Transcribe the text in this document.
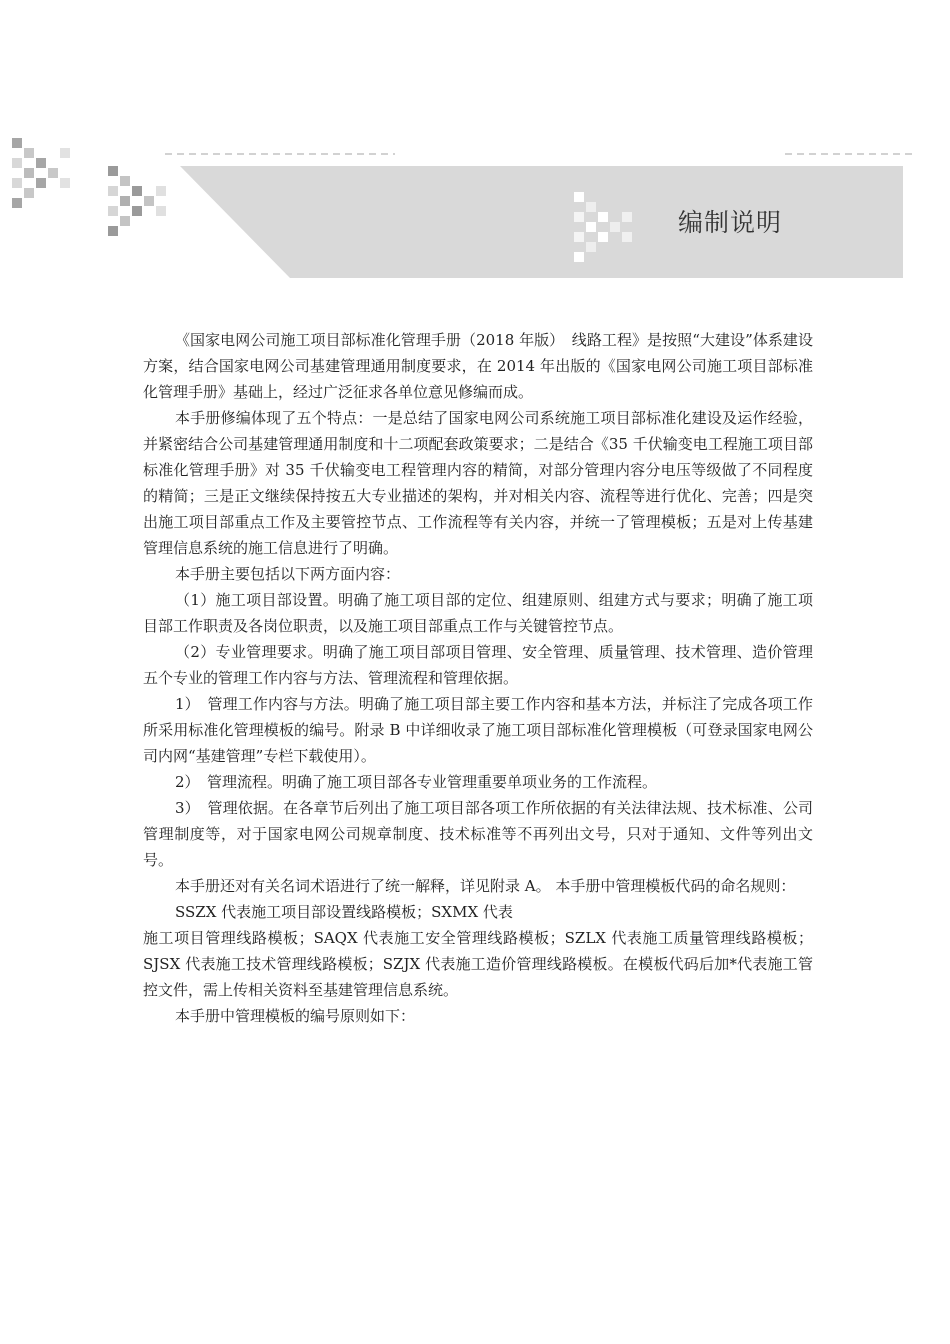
编制说明

《国家电网公司施工项目部标准化管理手册（2018 年版）　线路工程》是按照“大建设”体系建设方案，结合国家电网公司基建管理通用制度要求，在 2014 年出版的《国家电网公司施工项目部标准化管理手册》基础上，经过广泛征求各单位意见修编而成。

本手册修编体现了五个特点：一是总结了国家电网公司系统施工项目部标准化建设及运作经验，并紧密结合公司基建管理通用制度和十二项配套政策要求；二是结合《35 千伏输变电工程施工项目部标准化管理手册》对 35 千伏输变电工程管理内容的精简，对部分管理内容分电压等级做了不同程度的精简；三是正文继续保持按五大专业描述的架构，并对相关内容、流程等进行优化、完善；四是突出施工项目部重点工作及主要管控节点、工作流程等有关内容，并统一了管理模板；五是对上传基建管理信息系统的施工信息进行了明确。

本手册主要包括以下两方面内容：

（1）施工项目部设置。明确了施工项目部的定位、组建原则、组建方式与要求；明确了施工项目部工作职责及各岗位职责，以及施工项目部重点工作与关键管控节点。

（2）专业管理要求。明确了施工项目部项目管理、安全管理、质量管理、技术管理、造价管理五个专业的管理工作内容与方法、管理流程和管理依据。

1）　管理工作内容与方法。明确了施工项目部主要工作内容和基本方法，并标注了完成各项工作所采用标准化管理模板的编号。附录 B 中详细收录了施工项目部标准化管理模板（可登录国家电网公司内网“基建管理”专栏下载使用）。

2）　管理流程。明确了施工项目部各专业管理重要单项业务的工作流程。

3）　管理依据。在各章节后列出了施工项目部各项工作所依据的有关法律法规、技术标准、公司管理制度等，对于国家电网公司规章制度、技术标准等不再列出文号，只对于通知、文件等列出文号。

本手册还对有关名词术语进行了统一解释，详见附录 A。 本手册中管理模板代码的命名规则：

SSZX 代表施工项目部设置线路模板；SXMX 代表

施工项目管理线路模板；SAQX 代表施工安全管理线路模板；SZLX 代表施工质量管理线路模板；SJSX 代表施工技术管理线路模板；SZJX 代表施工造价管理线路模板。在模板代码后加*代表施工管控文件，需上传相关资料至基建管理信息系统。

本手册中管理模板的编号原则如下：
